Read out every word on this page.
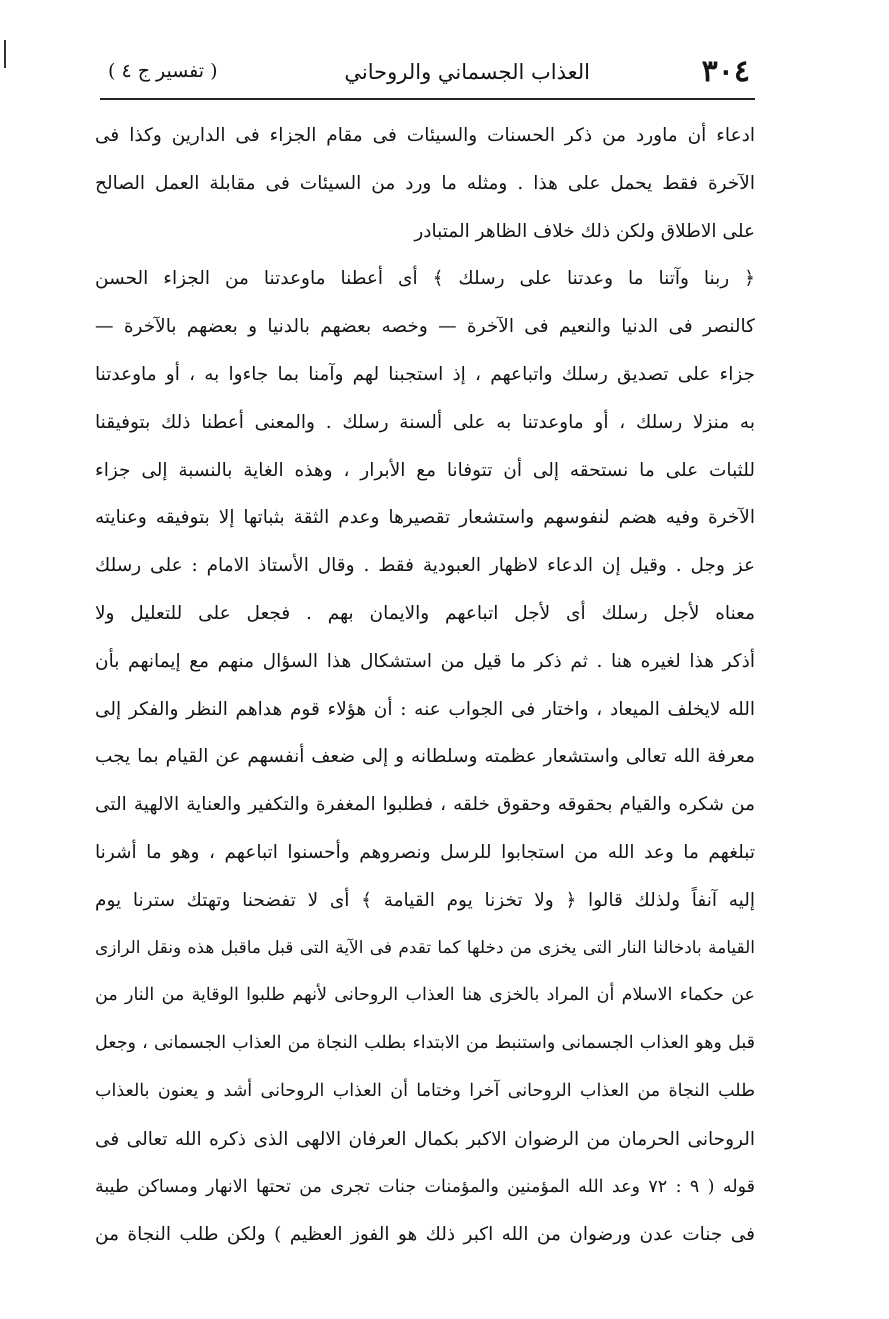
٣٠٤
العذاب الجسماني والروحاني
( تفسير ج ٤ )
ادعاء أن ماورد من ذكر الحسنات والسيئات فى مقام الجزاء فى الدارين وكذا فى
الآخرة فقط يحمل على هذا . ومثله ما ورد من السيئات فى مقابلة العمل الصالح
على الاطلاق ولكن ذلك خلاف الظاهر المتبادر
﴿ ربنا وآتنا ما وعدتنا على رسلك ﴾ أى أعطنا ماوعدتنا من الجزاء الحسن
كالنصر فى الدنيا والنعيم فى الآخرة — وخصه بعضهم بالدنيا و بعضهم بالآخرة —
جزاء على تصديق رسلك واتباعهم ، إذ استجبنا لهم وآمنا بما جاءوا به ، أو ماوعدتنا
به منزلا رسلك ، أو ماوعدتنا به على ألسنة رسلك . والمعنى أعطنا ذلك بتوفيقنا
للثبات على ما نستحقه إلى أن تتوفانا مع الأبرار ، وهذه الغاية بالنسبة إلى جزاء
الآخرة وفيه هضم لنفوسهم واستشعار تقصيرها وعدم الثقة بثباتها إلا بتوفيقه وعنايته
عز وجل . وقيل إن الدعاء لاظهار العبودية فقط . وقال الأستاذ الامام : على رسلك
معناه لأجل رسلك أى لأجل اتباعهم والايمان بهم . فجعل على للتعليل ولا
أذكر هذا لغيره هنا . ثم ذكر ما قيل من استشكال هذا السؤال منهم مع إيمانهم بأن
الله لايخلف الميعاد ، واختار فى الجواب عنه : أن هؤلاء قوم هداهم النظر والفكر إلى
معرفة الله تعالى واستشعار عظمته وسلطانه و إلى ضعف أنفسهم عن القيام بما يجب
من شكره والقيام بحقوقه وحقوق خلقه ، فطلبوا المغفرة والتكفير والعناية الالهية التى
تبلغهم ما وعد الله من استجابوا للرسل ونصروهم وأحسنوا اتباعهم ، وهو ما أشرنا
إليه آنفاً ولذلك قالوا ﴿ ولا تخزنا يوم القيامة ﴾ أى لا تفضحنا وتهتك سترنا يوم
القيامة بادخالنا النار التى يخزى من دخلها كما تقدم فى الآية التى قبل ماقبل هذه ونقل الرازى
عن حكماء الاسلام أن المراد بالخزى هنا العذاب الروحانى لأنهم طلبوا الوقاية من النار من
قبل وهو العذاب الجسمانى واستنبط من الابتداء بطلب النجاة من العذاب الجسمانى ، وجعل
طلب النجاة من العذاب الروحانى آخرا وختاما أن العذاب الروحانى أشد و يعنون بالعذاب
الروحانى الحرمان من الرضوان الاكبر بكمال العرفان الالهى الذى ذكره الله تعالى فى
قوله ( ٩ : ٧٢ وعد الله المؤمنين والمؤمنات جنات تجرى من تحتها الانهار ومساكن طيبة
فى جنات عدن ورضوان من الله اكبر ذلك هو الفوز العظيم ) ولكن طلب النجاة من
